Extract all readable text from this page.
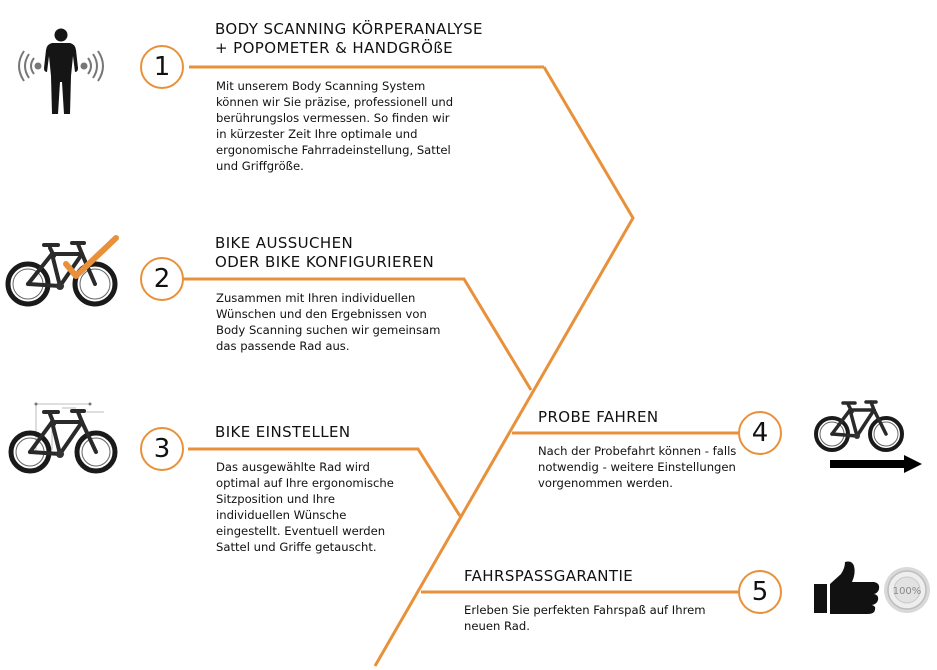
1
BODY SCANNING KÖRPERANALYSE
+ POPOMETER & HANDGRÖßE
Mit unserem Body Scanning System können wir Sie präzise, professionell und berührungslos vermessen. So finden wir in kürzester Zeit Ihre optimale und ergonomische Fahrradeinstellung, Sattel und Griffgröße.
2
BIKE AUSSUCHEN
ODER BIKE KONFIGURIEREN
Zusammen mit Ihren individuellen Wünschen und den Ergebnissen von Body Scanning suchen wir gemeinsam das passende Rad aus.
3
BIKE EINSTELLEN
Das ausgewählte Rad wird optimal auf Ihre ergonomische Sitzposition und Ihre individuellen Wünsche eingestellt. Eventuell werden Sattel und Griffe getauscht.
PROBE FAHREN
Nach der Probefahrt können - falls notwendig - weitere Einstellungen vorgenommen werden.
4
FAHRSPASSGARANTIE
Erleben Sie perfekten Fahrspaß auf Ihrem neuen Rad.
5	100%
